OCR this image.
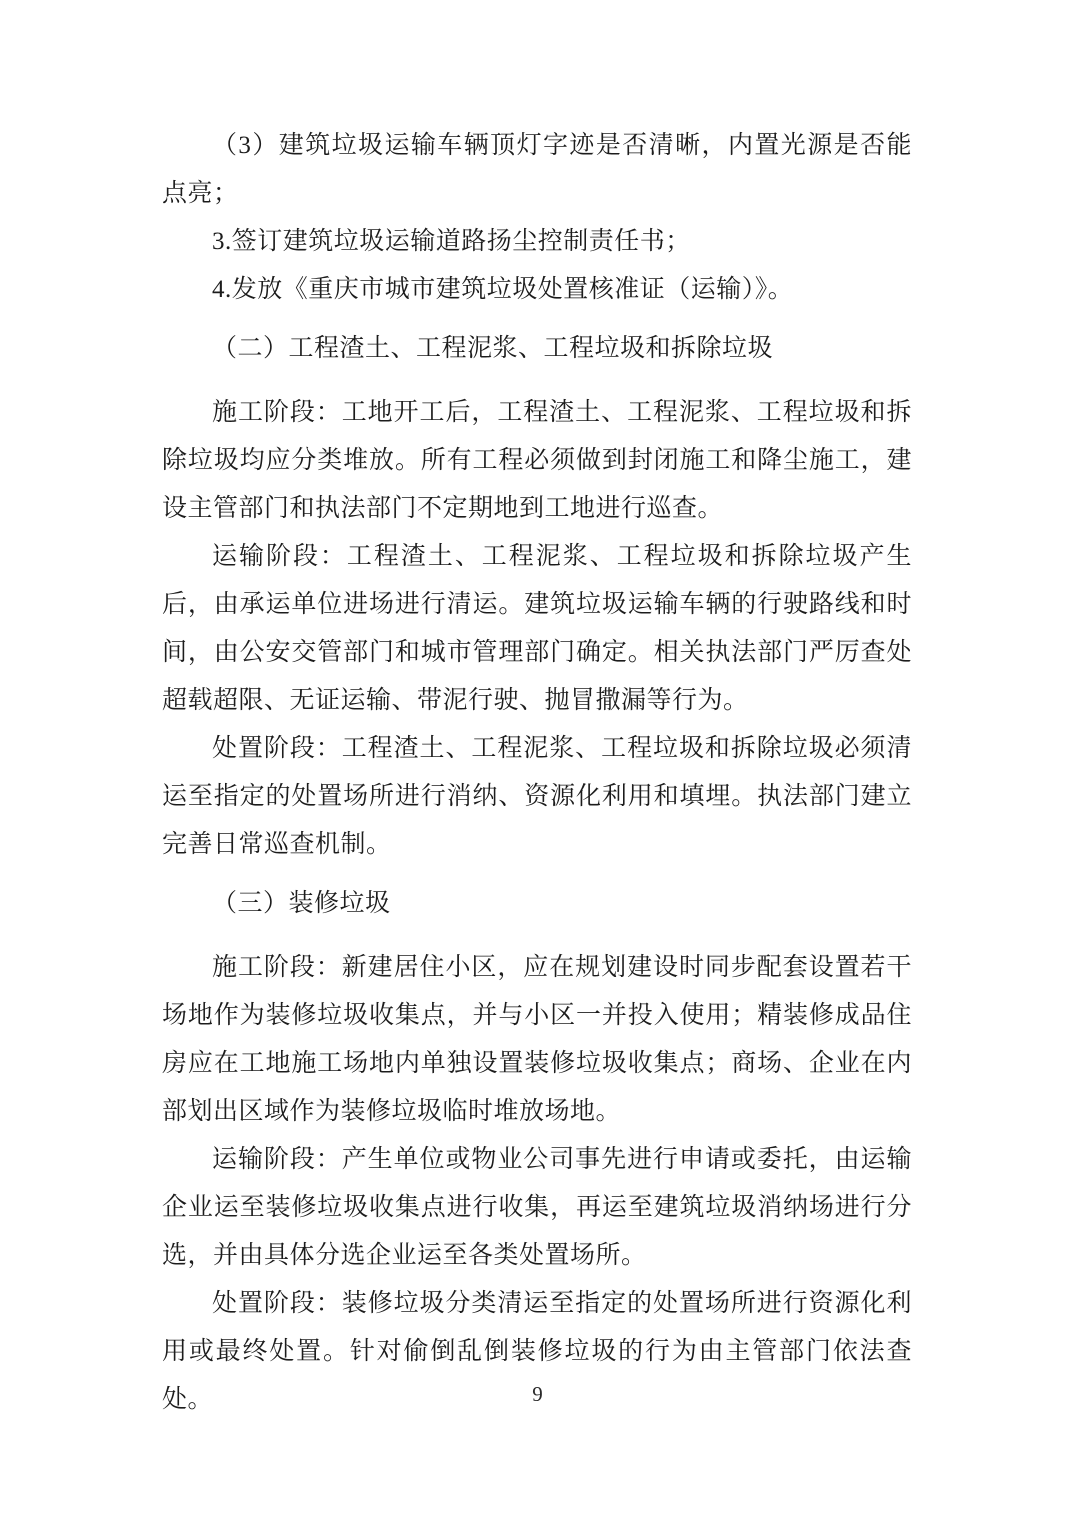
（3）建筑垃圾运输车辆顶灯字迹是否清晰，内置光源是否能点亮；

3.签订建筑垃圾运输道路扬尘控制责任书；

4.发放《重庆市城市建筑垃圾处置核准证（运输）》。

（二）工程渣土、工程泥浆、工程垃圾和拆除垃圾

施工阶段：工地开工后，工程渣土、工程泥浆、工程垃圾和拆除垃圾均应分类堆放。所有工程必须做到封闭施工和降尘施工，建设主管部门和执法部门不定期地到工地进行巡查。

运输阶段：工程渣土、工程泥浆、工程垃圾和拆除垃圾产生后，由承运单位进场进行清运。建筑垃圾运输车辆的行驶路线和时间，由公安交管部门和城市管理部门确定。相关执法部门严厉查处超载超限、无证运输、带泥行驶、抛冒撒漏等行为。

处置阶段：工程渣土、工程泥浆、工程垃圾和拆除垃圾必须清运至指定的处置场所进行消纳、资源化利用和填埋。执法部门建立完善日常巡查机制。

（三）装修垃圾

施工阶段：新建居住小区，应在规划建设时同步配套设置若干场地作为装修垃圾收集点，并与小区一并投入使用；精装修成品住房应在工地施工场地内单独设置装修垃圾收集点；商场、企业在内部划出区域作为装修垃圾临时堆放场地。

运输阶段：产生单位或物业公司事先进行申请或委托，由运输企业运至装修垃圾收集点进行收集，再运至建筑垃圾消纳场进行分选，并由具体分选企业运至各类处置场所。

处置阶段：装修垃圾分类清运至指定的处置场所进行资源化利用或最终处置。针对偷倒乱倒装修垃圾的行为由主管部门依法查处。	9
